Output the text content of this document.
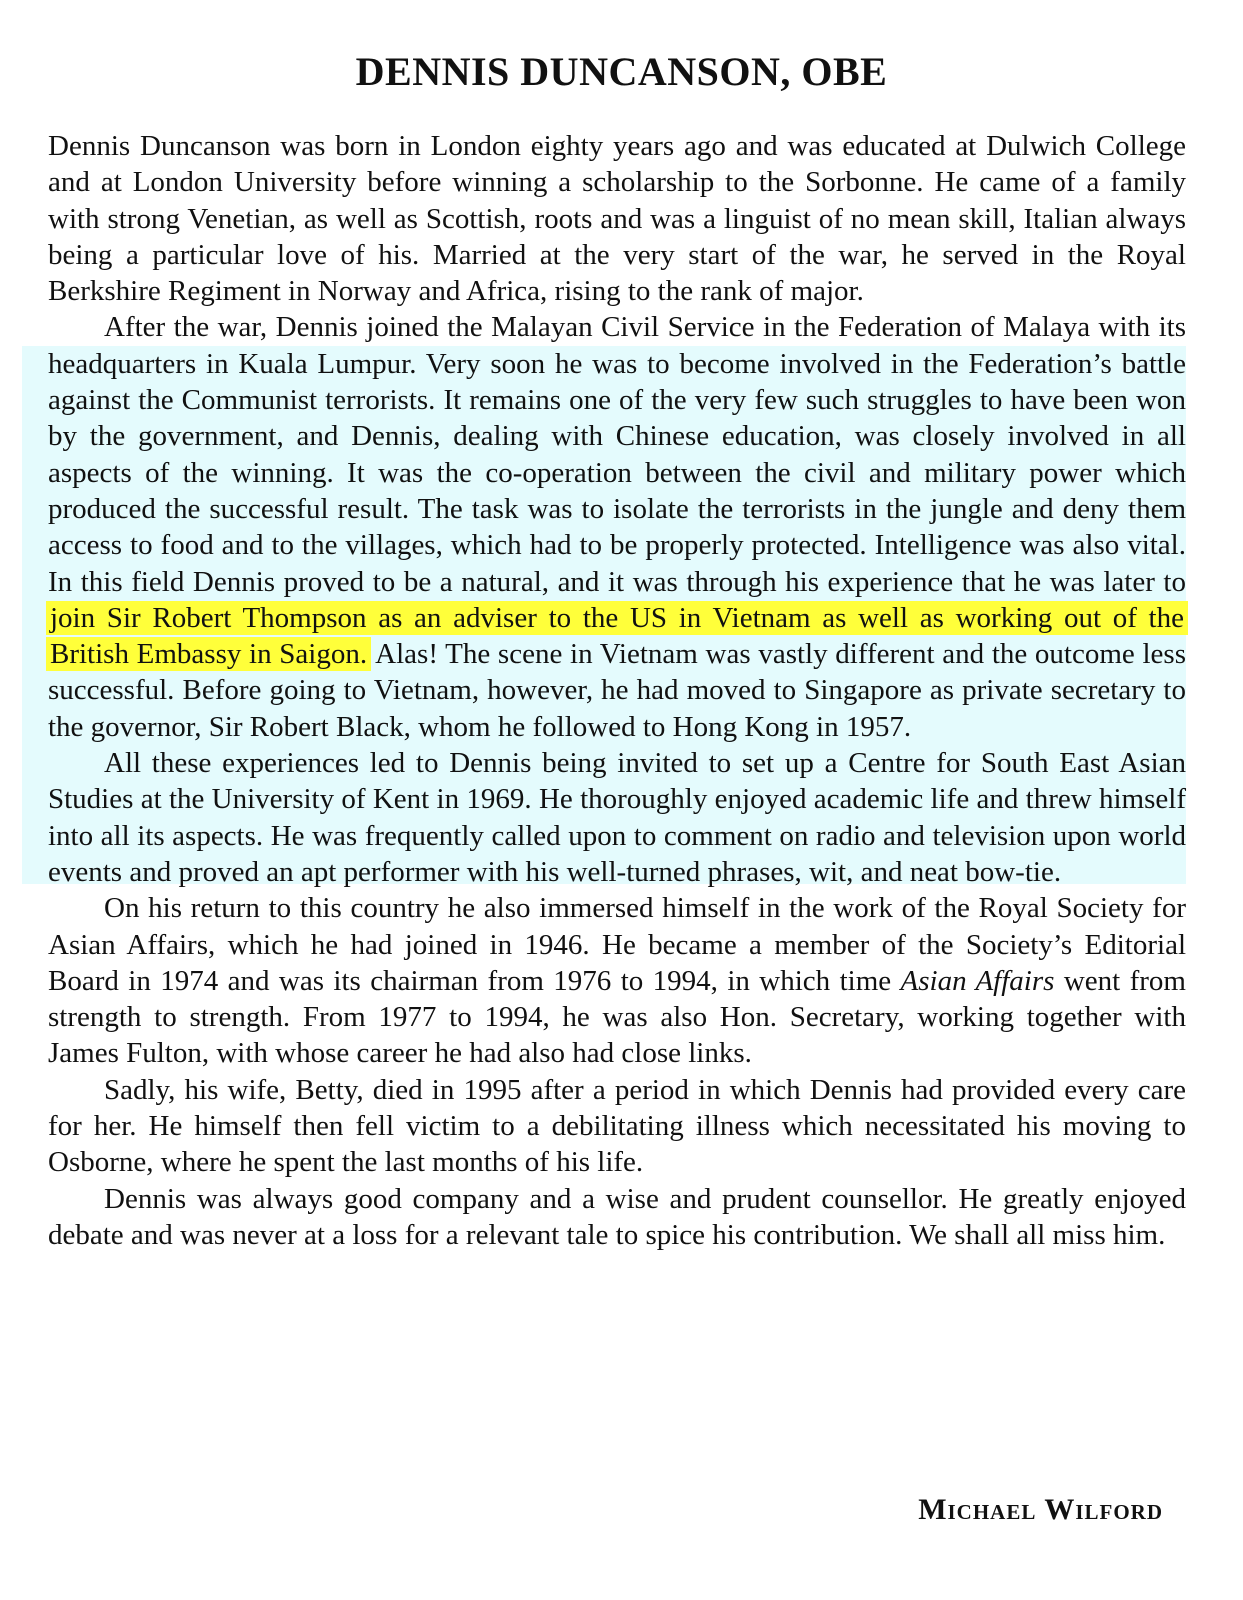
DENNIS DUNCANSON, OBE

Dennis Duncanson was born in London eighty years ago and was educated at Dulwich College and at London University before winning a scholarship to the Sorbonne. He came of a family with strong Venetian, as well as Scottish, roots and was a linguist of no mean skill, Italian always being a particular love of his. Married at the very start of the war, he served in the Royal Berkshire Regiment in Norway and Africa, rising to the rank of major.

After the war, Dennis joined the Malayan Civil Service in the Federation of Malaya with its headquarters in Kuala Lumpur. Very soon he was to become involved in the Federation’s battle against the Communist terrorists. It remains one of the very few such struggles to have been won by the government, and Dennis, dealing with Chinese education, was closely involved in all aspects of the winning. It was the co-operation between the civil and military power which produced the successful result. The task was to isolate the terrorists in the jungle and deny them access to food and to the villages, which had to be properly protected. Intelligence was also vital. In this field Dennis proved to be a natural, and it was through his experience that he was later to join Sir Robert Thompson as an adviser to the US in Vietnam as well as working out of the British Embassy in Saigon. Alas! The scene in Vietnam was vastly different and the outcome less successful. Before going to Vietnam, however, he had moved to Singapore as private secretary to the governor, Sir Robert Black, whom he followed to Hong Kong in 1957.

All these experiences led to Dennis being invited to set up a Centre for South East Asian Studies at the University of Kent in 1969. He thoroughly enjoyed academic life and threw himself into all its aspects. He was frequently called upon to comment on radio and television upon world events and proved an apt performer with his well-turned phrases, wit, and neat bow-tie.

On his return to this country he also immersed himself in the work of the Royal Society for Asian Affairs, which he had joined in 1946. He became a member of the Society’s Editorial Board in 1974 and was its chairman from 1976 to 1994, in which time Asian Affairs went from strength to strength. From 1977 to 1994, he was also Hon. Secretary, working together with James Fulton, with whose career he had also had close links.

Sadly, his wife, Betty, died in 1995 after a period in which Dennis had provided every care for her. He himself then fell victim to a debilitating illness which necessitated his moving to Osborne, where he spent the last months of his life.

Dennis was always good company and a wise and prudent counsellor. He greatly enjoyed debate and was never at a loss for a relevant tale to spice his contribution. We shall all miss him.

Michael Wilford
